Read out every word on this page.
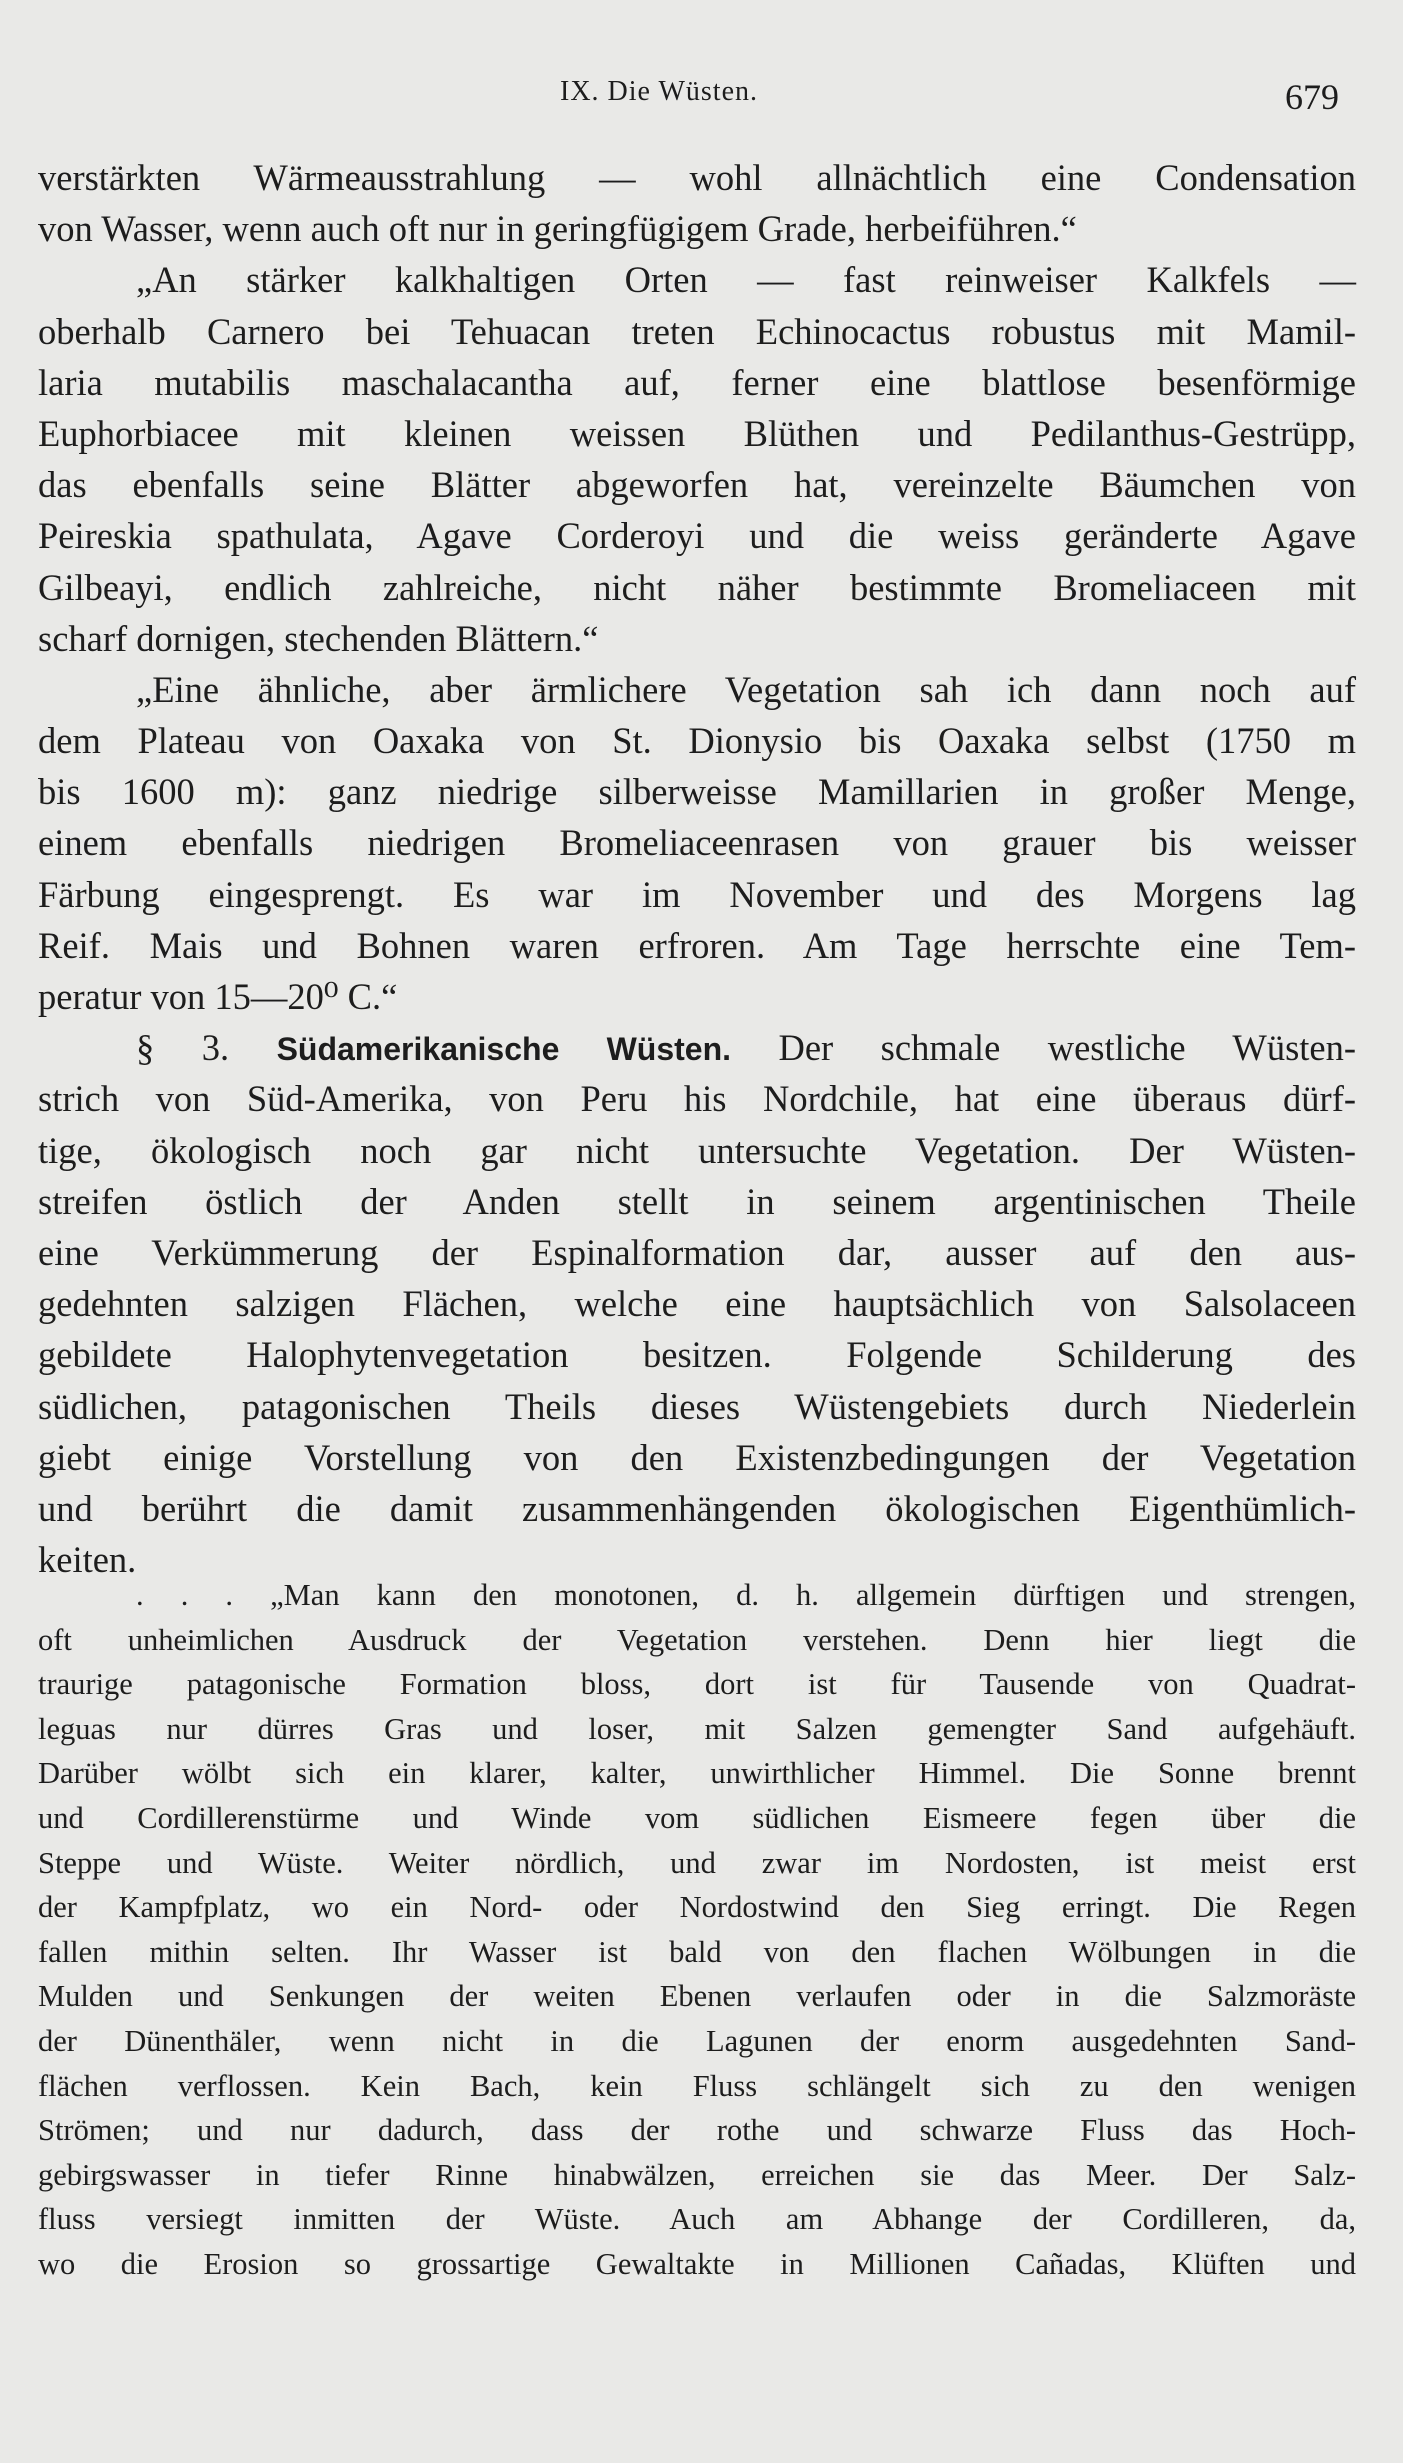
IX. Die Wüsten.	679
verstärkten Wärmeausstrahlung — wohl allnächtlich eine Condensation
von Wasser, wenn auch oft nur in geringfügigem Grade, herbeiführen.“
„An stärker kalkhaltigen Orten — fast reinweiser Kalkfels —
oberhalb Carnero bei Tehuacan treten Echinocactus robustus mit Mamil-
laria mutabilis maschalacantha auf, ferner eine blattlose besenförmige
Euphorbiacee mit kleinen weissen Blüthen und Pedilanthus-Gestrüpp,
das ebenfalls seine Blätter abgeworfen hat, vereinzelte Bäumchen von
Peireskia spathulata, Agave Corderoyi und die weiss geränderte Agave
Gilbeayi, endlich zahlreiche, nicht näher bestimmte Bromeliaceen mit
scharf dornigen, stechenden Blättern.“
„Eine ähnliche, aber ärmlichere Vegetation sah ich dann noch auf
dem Plateau von Oaxaka von St. Dionysio bis Oaxaka selbst (1750 m
bis 1600 m): ganz niedrige silberweisse Mamillarien in großer Menge,
einem ebenfalls niedrigen Bromeliaceenrasen von grauer bis weisser
Färbung eingesprengt. Es war im November und des Morgens lag
Reif. Mais und Bohnen waren erfroren. Am Tage herrschte eine Tem-
peratur von 15—20⁰ C.“
§ 3. Südamerikanische Wüsten. Der schmale westliche Wüsten-
strich von Süd-Amerika, von Peru his Nordchile, hat eine überaus dürf-
tige, ökologisch noch gar nicht untersuchte Vegetation. Der Wüsten-
streifen östlich der Anden stellt in seinem argentinischen Theile
eine Verkümmerung der Espinalformation dar, ausser auf den aus-
gedehnten salzigen Flächen, welche eine hauptsächlich von Salsolaceen
gebildete Halophytenvegetation besitzen. Folgende Schilderung des
südlichen, patagonischen Theils dieses Wüstengebiets durch Niederlein
giebt einige Vorstellung von den Existenzbedingungen der Vegetation
und berührt die damit zusammenhängenden ökologischen Eigenthümlich-
keiten.
. . . „Man kann den monotonen, d. h. allgemein dürftigen und strengen,
oft unheimlichen Ausdruck der Vegetation verstehen. Denn hier liegt die
traurige patagonische Formation bloss, dort ist für Tausende von Quadrat-
leguas nur dürres Gras und loser, mit Salzen gemengter Sand aufgehäuft.
Darüber wölbt sich ein klarer, kalter, unwirthlicher Himmel. Die Sonne brennt
und Cordillerenstürme und Winde vom südlichen Eismeere fegen über die
Steppe und Wüste. Weiter nördlich, und zwar im Nordosten, ist meist erst
der Kampfplatz, wo ein Nord- oder Nordostwind den Sieg erringt. Die Regen
fallen mithin selten. Ihr Wasser ist bald von den flachen Wölbungen in die
Mulden und Senkungen der weiten Ebenen verlaufen oder in die Salzmoräste
der Dünenthäler, wenn nicht in die Lagunen der enorm ausgedehnten Sand-
flächen verflossen. Kein Bach, kein Fluss schlängelt sich zu den wenigen
Strömen; und nur dadurch, dass der rothe und schwarze Fluss das Hoch-
gebirgswasser in tiefer Rinne hinabwälzen, erreichen sie das Meer. Der Salz-
fluss versiegt inmitten der Wüste. Auch am Abhange der Cordilleren, da,
wo die Erosion so grossartige Gewaltakte in Millionen Cañadas, Klüften und
